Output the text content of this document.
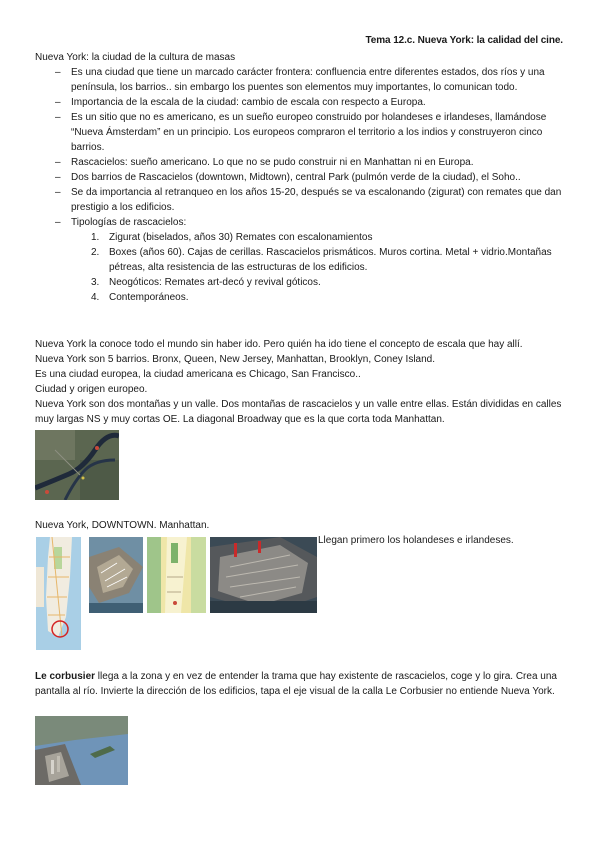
Tema 12.c. Nueva York: la calidad del cine.
Nueva York: la ciudad de la cultura de masas
– Es una ciudad que tiene un marcado carácter frontera: confluencia entre diferentes estados, dos ríos y una península, los barrios.. sin embargo los puentes son elementos muy importantes, lo comunican todo.
– Importancia de la escala de la ciudad: cambio de escala con respecto a Europa.
– Es un sitio que no es americano, es un sueño europeo construido por holandeses e irlandeses, llamándose “Nueva Ámsterdam” en un principio. Los europeos compraron el territorio a los indios y construyeron cinco barrios.
– Rascacielos: sueño americano. Lo que no se pudo construir ni en Manhattan ni en Europa.
– Dos barrios de Rascacielos (downtown, Midtown), central Park (pulmón verde de la ciudad), el Soho..
– Se da importancia al retranqueo en los años 15-20, después se va escalonando (zigurat) con remates que dan prestigio a los edificios.
– Tipologías de rascacielos:
1. Zigurat (biselados, años 30) Remates con escalonamientos
2. Boxes (años 60). Cajas de cerillas. Rascacielos prismáticos. Muros cortina. Metal + vidrio.Montañas pétreas, alta resistencia de las estructuras de los edificios.
3. Neogóticos: Remates art-decó y revival góticos.
4. Contemporáneos.
Nueva York la conoce todo el mundo sin haber ido. Pero quién ha ido tiene el concepto de escala que hay allí.
Nueva York son 5 barrios. Bronx, Queen, New Jersey, Manhattan, Brooklyn, Coney Island.
Es una ciudad europea, la ciudad americana es Chicago, San Francisco..
Ciudad y origen europeo.
Nueva York son dos montañas y un valle. Dos montañas de rascacielos y un valle entre ellas. Están divididas en calles muy largas NS y muy cortas OE. La diagonal Broadway que es la que corta toda Manhattan.
Nueva York, DOWNTOWN. Manhattan.
Llegan primero los holandeses e irlandeses.
Le corbusier llega a la zona y en vez de entender la trama que hay existente de rascacielos, coge y lo gira. Crea una pantalla al río. Invierte la dirección de los edificios, tapa el eje visual de la calla Le Corbusier no entiende Nueva York.
